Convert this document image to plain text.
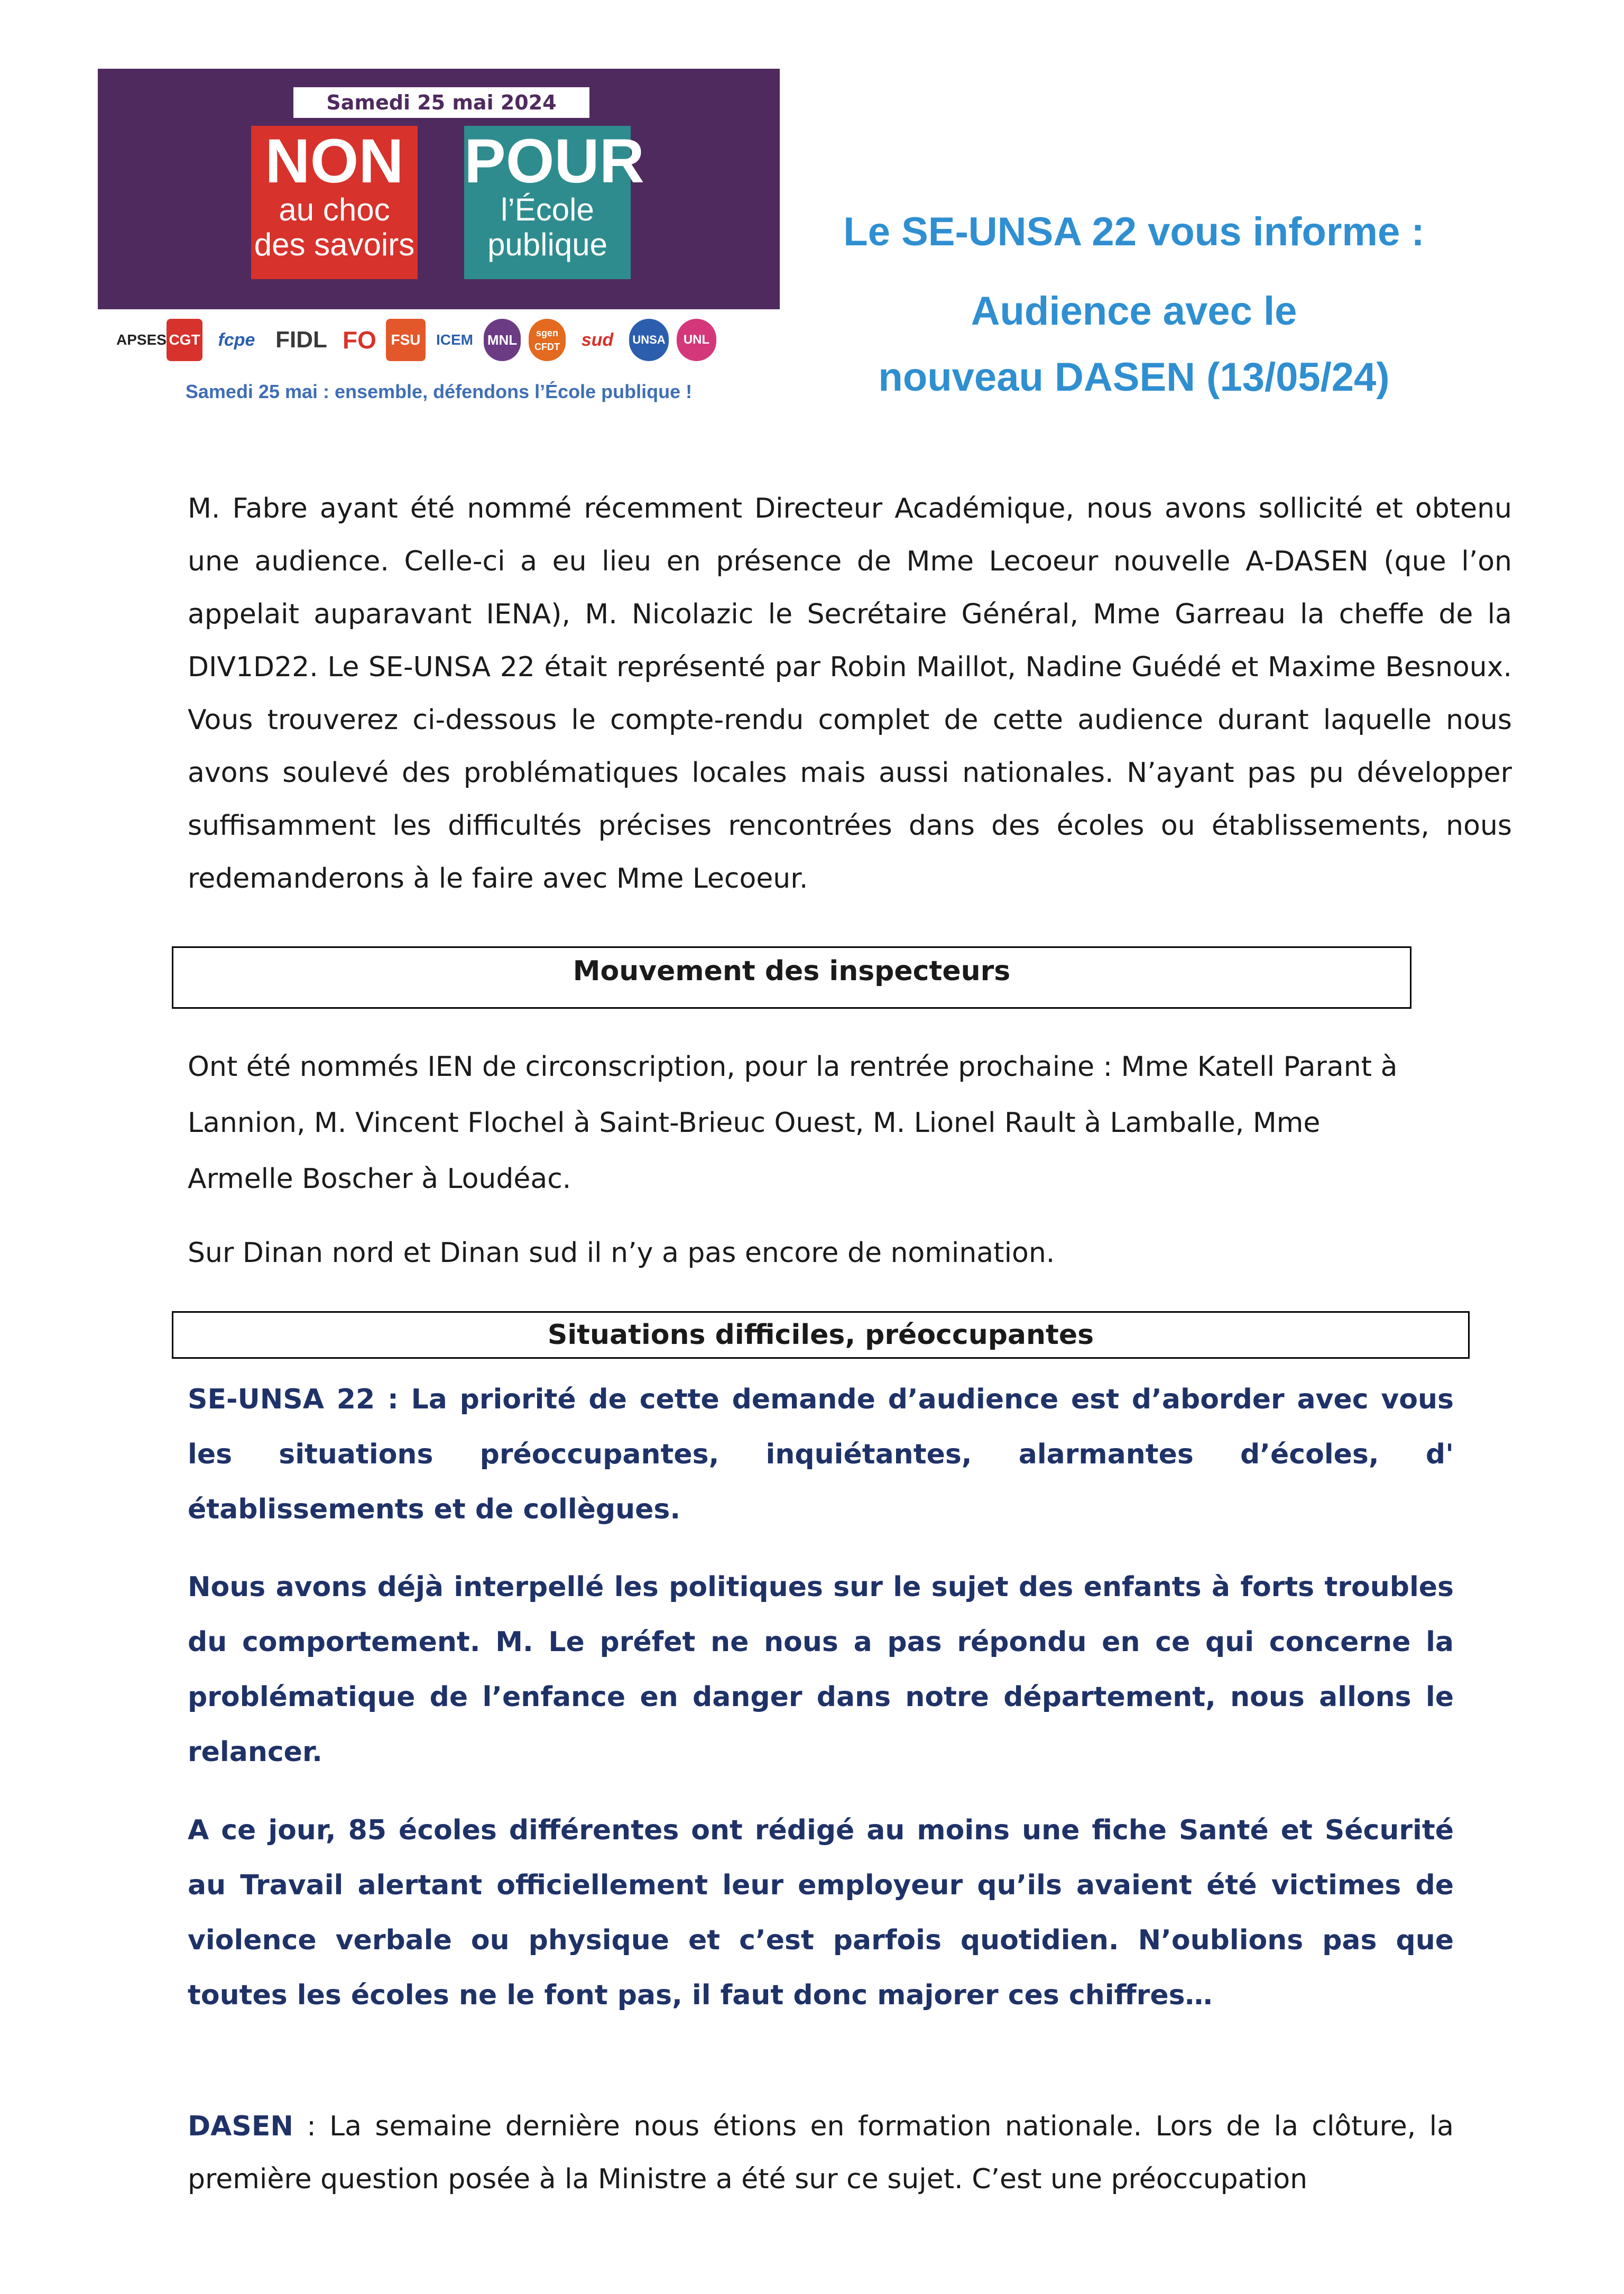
Samedi 25 mai 2024
NON
au choc
des savoirs
POUR
l’École
publique
APSES CGT fcpe FIDL FO FSU	ICEM MNL	sgen CFDT	sud	UNSA	UNL
Samedi 25 mai : ensemble, défendons l’École publique !
Le SE-UNSA 22 vous informe :
Audience avec le
nouveau DASEN (13/05/24)

M. Fabre ayant été nommé récemment Directeur Académique, nous avons sollicité et obtenu une audience. Celle-ci a eu lieu en présence de Mme Lecoeur nouvelle A-DASEN (que l’on appelait auparavant IENA), M. Nicolazic le Secrétaire Général, Mme Garreau la cheffe de la DIV1D22. Le SE-UNSA 22 était représenté par Robin Maillot, Nadine Guédé et Maxime Besnoux. Vous trouverez ci-dessous le compte-rendu complet de cette audience durant laquelle nous avons soulevé des problématiques locales mais aussi nationales. N’ayant pas pu développer suffisamment les difficultés précises rencontrées dans des écoles ou établissements, nous redemanderons à le faire avec Mme Lecoeur.

Mouvement des inspecteurs

Ont été nommés IEN de circonscription, pour la rentrée prochaine : Mme Katell Parant à Lannion, M. Vincent Flochel à Saint-Brieuc Ouest, M. Lionel Rault à Lamballe, Mme Armelle Boscher à Loudéac.

Sur Dinan nord et Dinan sud il n’y a pas encore de nomination.

Situations difficiles, préoccupantes

SE-UNSA 22 : La priorité de cette demande d’audience est d’aborder avec vous les situations préoccupantes, inquiétantes, alarmantes d’écoles, d' établissements et de collègues.

Nous avons déjà interpellé les politiques sur le sujet des enfants à forts troubles du comportement. M. Le préfet ne nous a pas répondu en ce qui concerne la problématique de l’enfance en danger dans notre département, nous allons le relancer.

A ce jour, 85 écoles différentes ont rédigé au moins une fiche Santé et Sécurité au Travail alertant officiellement leur employeur qu’ils avaient été victimes de violence verbale ou physique et c’est parfois quotidien. N’oublions pas que toutes les écoles ne le font pas, il faut donc majorer ces chiffres…

DASEN : La semaine dernière nous étions en formation nationale. Lors de la clôture, la première question posée à la Ministre a été sur ce sujet. C’est une préoccupation
